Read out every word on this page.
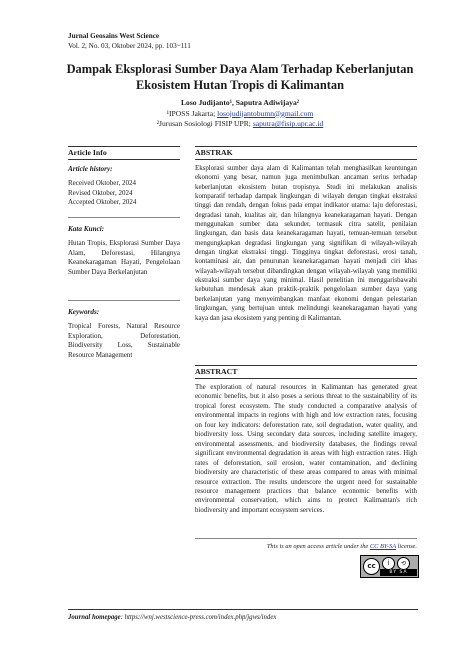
Jurnal Geosains West Science
Vol. 2, No. 03, Oktober 2024, pp. 103~111
Dampak Eksplorasi Sumber Daya Alam Terhadap Keberlanjutan
Ekosistem Hutan Tropis di Kalimantan
Loso Judijanto¹, Saputra Adiwijaya²
¹IPOSS Jakarta; losojudijantobumn@gmail.com
²Jurusan Sosiologi FISIP UPR; saputra@fisip.upr.ac.id
Article Info
Article history:
Received Oktober, 2024
Revised Oktober, 2024
Accepted Oktober, 2024
Kata Kunci:
Hutan Tropis, Eksplorasi Sumber Daya Alam, Deforestasi, Hilangnya Keanekaragaman Hayati, Pengelolaan Sumber Daya Berkelanjutan
Keywords:
Tropical Forests, Natural Resource Exploration, Deforestation, Biodiversity Loss, Sustainable Resource Management
ABSTRAK
Eksplorasi sumber daya alam di Kalimantan telah menghasilkan keuntungan ekonomi yang besar, namun juga menimbulkan ancaman serius terhadap keberlanjutan ekosistem hutan tropisnya. Studi ini melakukan analisis komparatif terhadap dampak lingkungan di wilayah dengan tingkat ekstraksi tinggi dan rendah, dengan fokus pada empat indikator utama: laju deforestasi, degradasi tanah, kualitas air, dan hilangnya keanekaragaman hayati. Dengan menggunakan sumber data sekunder, termasuk citra satelit, penilaian lingkungan, dan basis data keanekaragaman hayati, temuan-temuan tersebut mengungkapkan degradasi lingkungan yang signifikan di wilayah-wilayah dengan tingkat ekstraksi tinggi. Tingginya tingkat deforestasi, erosi tanah, kontaminasi air, dan penurunan keanekaragaman hayati menjadi ciri khas wilayah-wilayah tersebut dibandingkan dengan wilayah-wilayah yang memiliki ekstraksi sumber daya yang minimal. Hasil penelitian ini menggarisbawahi kebutuhan mendesak akan praktik-praktik pengelolaan sumber daya yang berkelanjutan yang menyeimbangkan manfaat ekonomi dengan pelestarian lingkungan, yang bertujuan untuk melindungi keanekaragaman hayati yang kaya dan jasa ekosistem yang penting di Kalimantan.
ABSTRACT
The exploration of natural resources in Kalimantan has generated great economic benefits, but it also poses a serious threat to the sustainability of its tropical forest ecosystem. The study conducted a comparative analysis of environmental impacts in regions with high and low extraction rates, focusing on four key indicators: deforestation rate, soil degradation, water quality, and biodiversity loss. Using secondary data sources, including satellite imagery, environmental assessments, and biodiversity databases, the findings reveal significant environmental degradation in areas with high extraction rates. High rates of deforestation, soil erosion, water contamination, and declining biodiversity are characteristic of these areas compared to areas with minimal resource extraction. The results underscore the urgent need for sustainable resource management practices that balance economic benefits with environmental conservation, which aims to protect Kalimantan's rich biodiversity and important ecosystem services.
This is an open access article under the CC BY-SA license.
cc	i	⟲
BY SA
Journal homepage: https://wnj.westscience-press.com/index.php/jgws/index
